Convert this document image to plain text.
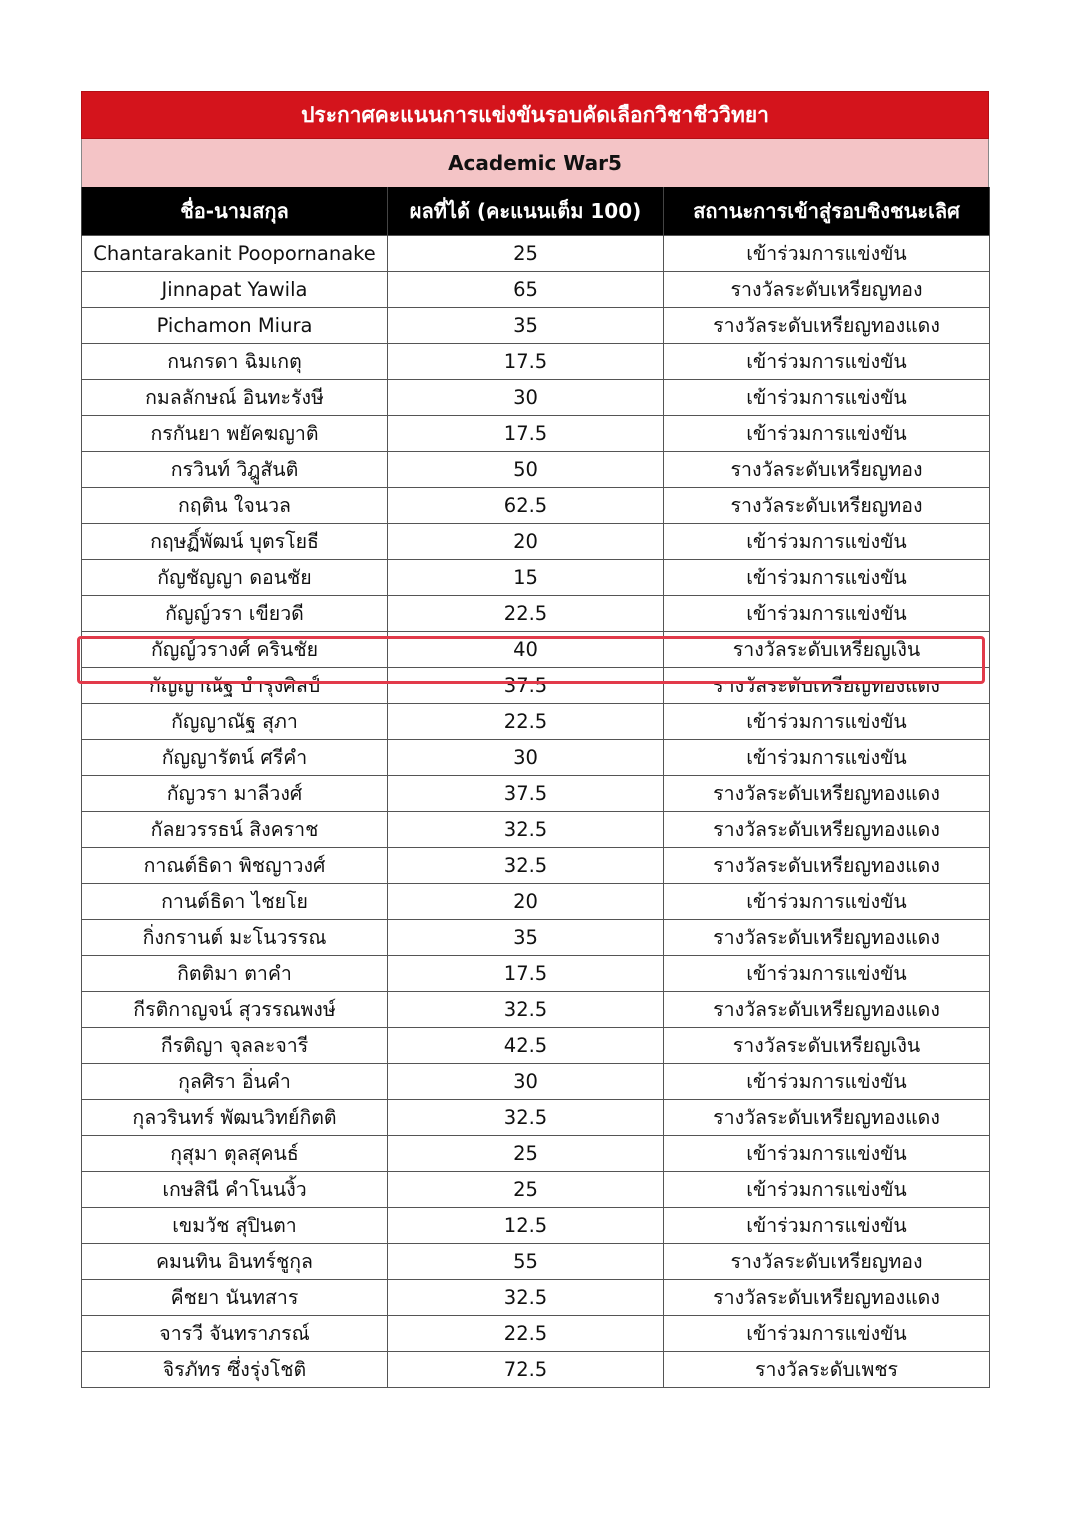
ประกาศคะแนนการแข่งขันรอบคัดเลือกวิชาชีววิทยา
Academic War5
ชื่อ-นามสกุล	ผลที่ได้ (คะแนนเต็ม 100)	สถานะการเข้าสู่รอบชิงชนะเลิศ
Chantarakanit Poopornanake	25	เข้าร่วมการแข่งขัน
Jinnapat Yawila	65	รางวัลระดับเหรียญทอง
Pichamon Miura	35	รางวัลระดับเหรียญทองแดง
กนกรดา ฉิมเกตุ	17.5	เข้าร่วมการแข่งขัน
กมลลักษณ์ อินทะรังษี	30	เข้าร่วมการแข่งขัน
กรกันยา พยัคฆญาติ	17.5	เข้าร่วมการแข่งขัน
กรวินท์ วิฎูสันติ	50	รางวัลระดับเหรียญทอง
กฤติน ใจนวล	62.5	รางวัลระดับเหรียญทอง
กฤษฏิ์พัฒน์ บุตรโยธี	20	เข้าร่วมการแข่งขัน
กัญชัญญา ดอนชัย	15	เข้าร่วมการแข่งขัน
กัญญ์วรา เขียวดี	22.5	เข้าร่วมการแข่งขัน
กัญญ์วรางศ์ ครินชัย	40	รางวัลระดับเหรียญเงิน
กัญญาณัฐ บำรุงศิลป์	37.5	รางวัลระดับเหรียญทองแดง
กัญญาณัฐ สุภา	22.5	เข้าร่วมการแข่งขัน
กัญญารัตน์ ศรีคำ	30	เข้าร่วมการแข่งขัน
กัญวรา มาลีวงศ์	37.5	รางวัลระดับเหรียญทองแดง
กัลยวรรธน์ สิงคราช	32.5	รางวัลระดับเหรียญทองแดง
กาณต์ธิดา พิชญาวงศ์	32.5	รางวัลระดับเหรียญทองแดง
กานต์ธิดา ไชยโย	20	เข้าร่วมการแข่งขัน
กิ่งกรานต์ มะโนวรรณ	35	รางวัลระดับเหรียญทองแดง
กิตติมา ตาคำ	17.5	เข้าร่วมการแข่งขัน
กีรติกาญจน์ สุวรรณพงษ์	32.5	รางวัลระดับเหรียญทองแดง
กีรติญา จุลละจารี	42.5	รางวัลระดับเหรียญเงิน
กุลศิรา อิ่นคำ	30	เข้าร่วมการแข่งขัน
กุลวรินทร์ พัฒนวิทย์กิตติ	32.5	รางวัลระดับเหรียญทองแดง
กุสุมา ตุลสุคนธ์	25	เข้าร่วมการแข่งขัน
เกษสินี คำโนนงิ้ว	25	เข้าร่วมการแข่งขัน
เขมวัช สุปินตา	12.5	เข้าร่วมการแข่งขัน
คมนทิน อินทร์ชูกุล	55	รางวัลระดับเหรียญทอง
คีชยา นันทสาร	32.5	รางวัลระดับเหรียญทองแดง
จารวี จันทราภรณ์	22.5	เข้าร่วมการแข่งขัน
จิรภัทร ซึ่งรุ่งโชติ	72.5	รางวัลระดับเพชร
